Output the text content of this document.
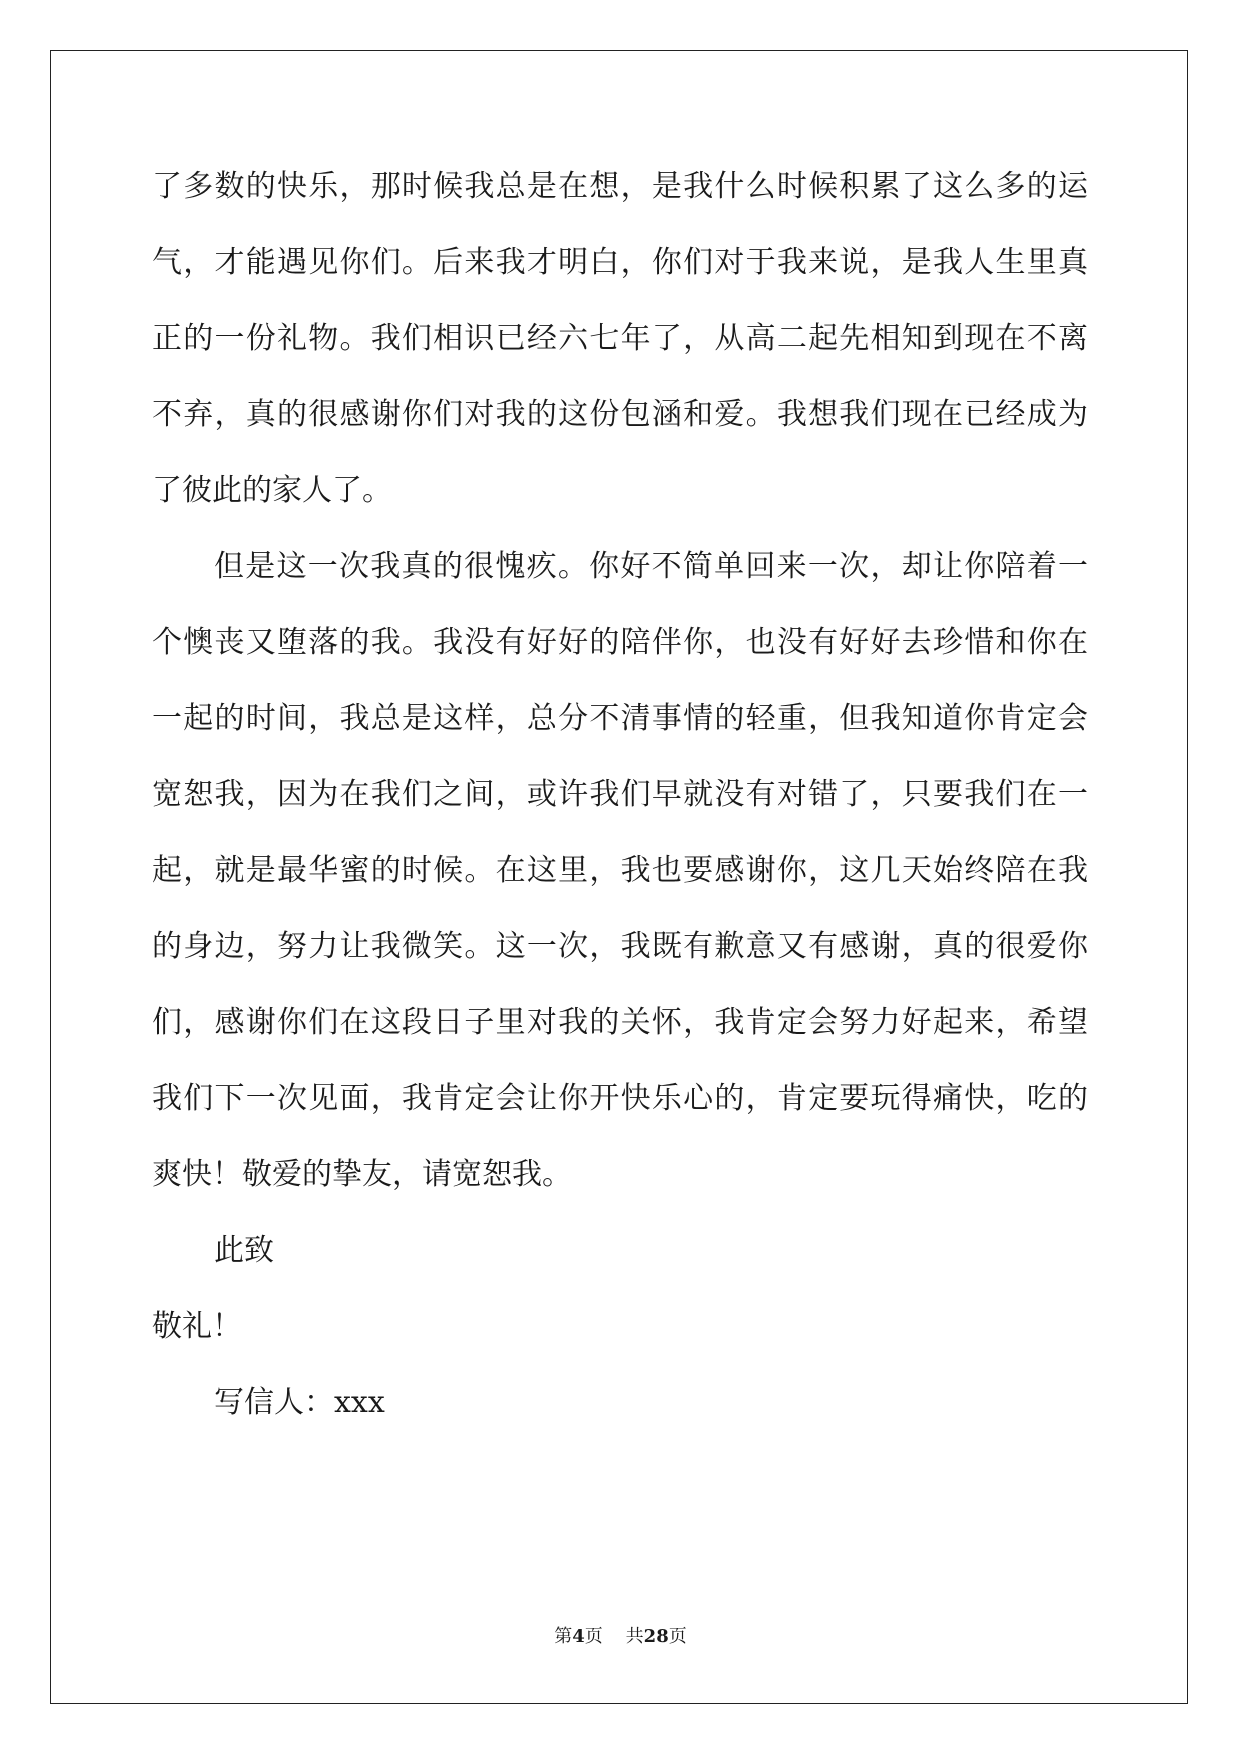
了多数的快乐，那时候我总是在想，是我什么时候积累了这么多的运
气，才能遇见你们。后来我才明白，你们对于我来说，是我人生里真
正的一份礼物。我们相识已经六七年了，从高二起先相知到现在不离
不弃，真的很感谢你们对我的这份包涵和爱。我想我们现在已经成为
了彼此的家人了。
但是这一次我真的很愧疚。你好不简单回来一次，却让你陪着一
个懊丧又堕落的我。我没有好好的陪伴你，也没有好好去珍惜和你在
一起的时间，我总是这样，总分不清事情的轻重，但我知道你肯定会
宽恕我，因为在我们之间，或许我们早就没有对错了，只要我们在一
起，就是最华蜜的时候。在这里，我也要感谢你，这几天始终陪在我
的身边，努力让我微笑。这一次，我既有歉意又有感谢，真的很爱你
们，感谢你们在这段日子里对我的关怀，我肯定会努力好起来，希望
我们下一次见面，我肯定会让你开快乐心的，肯定要玩得痛快，吃的
爽快！敬爱的挚友，请宽恕我。
此致
敬礼！
写信人：xxx
第4页 共28页
